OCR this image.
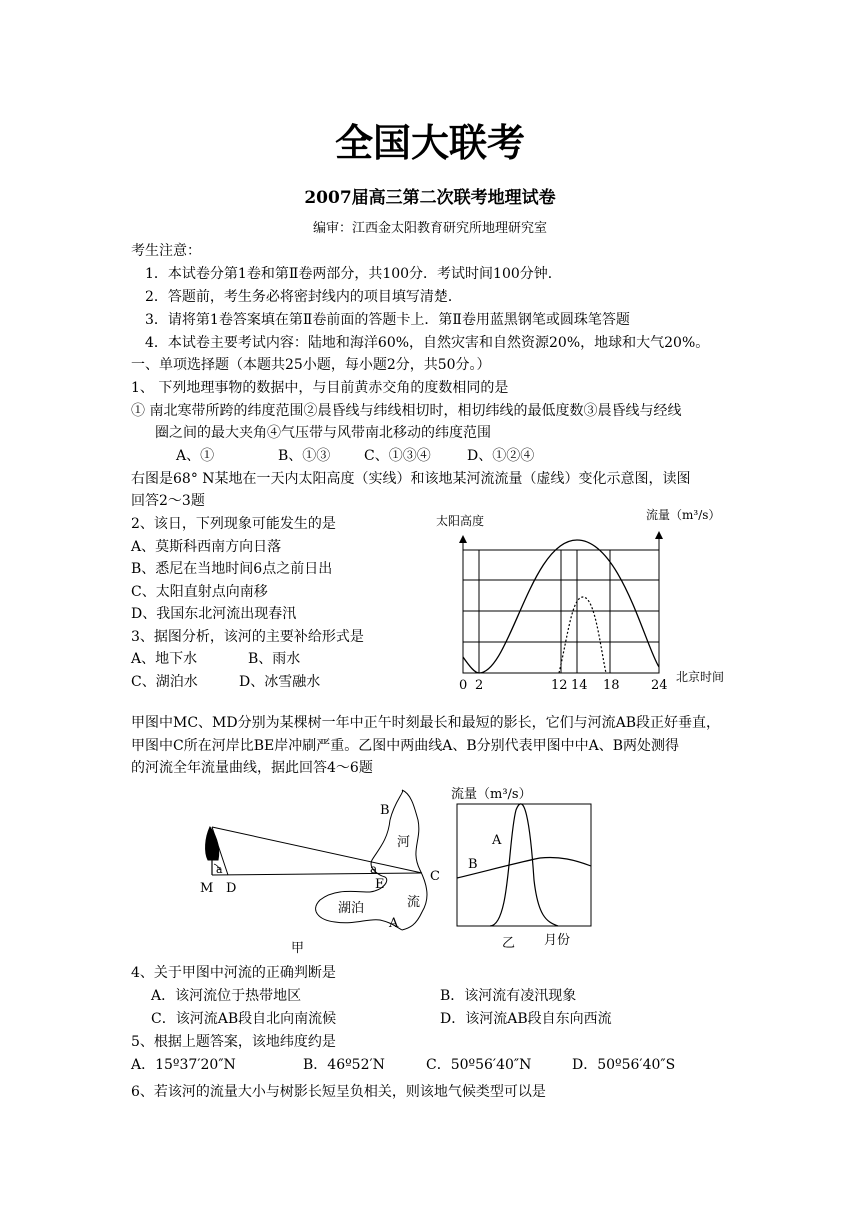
全国大联考
2007届高三第二次联考地理试卷
编审：江西金太阳教育研究所地理研究室
考生注意：
1．本试卷分第1卷和第Ⅱ卷两部分，共100分．考试时间100分钟．
2．答题前，考生务必将密封线内的项目填写清楚．
3．请将第1卷答案填在第Ⅱ卷前面的答题卡上．第Ⅱ卷用蓝黑钢笔或圆珠笔答题
4．本试卷主要考试内容：陆地和海洋60%，自然灾害和自然资源20%，地球和大气20%。
一、单项选择题（本题共25小题，每小题2分，共50分。）
1、 下列地理事物的数据中，与目前黄赤交角的度数相同的是
① 南北寒带所跨的纬度范围②晨昏线与纬线相切时，相切纬线的最低度数③晨昏线与经线
圈之间的最大夹角④气压带与风带南北移动的纬度范围
A、①	B、①③ C、①③④	D、①②④
右图是68° N某地在一天内太阳高度（实线）和该地某河流流量（虚线）变化示意图，读图
回答2～3题
2、该日，下列现象可能发生的是
A、莫斯科西南方向日落
B、悉尼在当地时间6点之前日出
C、太阳直射点向南移
D、我国东北河流出现春汛
3、据图分析，该河的主要补给形式是
A、地下水	B、雨水
C、湖泊水	D、冰雪融水
太阳高度	流量（m³/s）
0 2	12 14 18 24
北京时间
甲图中MC、MD分别为某棵树一年中正午时刻最长和最短的影长，它们与河流AB段正好垂直，
甲图中C所在河岸比BE岸冲刷严重。乙图中两曲线A、B分别代表甲图中中A、B两处测得
的河流全年流量曲线，据此回答4～6题
a
M D
B
河
a
E
C
流
湖泊
A
甲
流量（m³/s）
A
B
乙 月份
4、关于甲图中河流的正确判断是
A．该河流位于热带地区	B．该河流有凌汛现象
C．该河流AB段自北向南流候	D．该河流AB段自东向西流
5、根据上题答案，该地纬度约是
A．15º37′20″N	B．46º52′N	C．50º56′40″N	D．50º56′40″S
6、若该河的流量大小与树影长短呈负相关，则该地气候类型可以是
